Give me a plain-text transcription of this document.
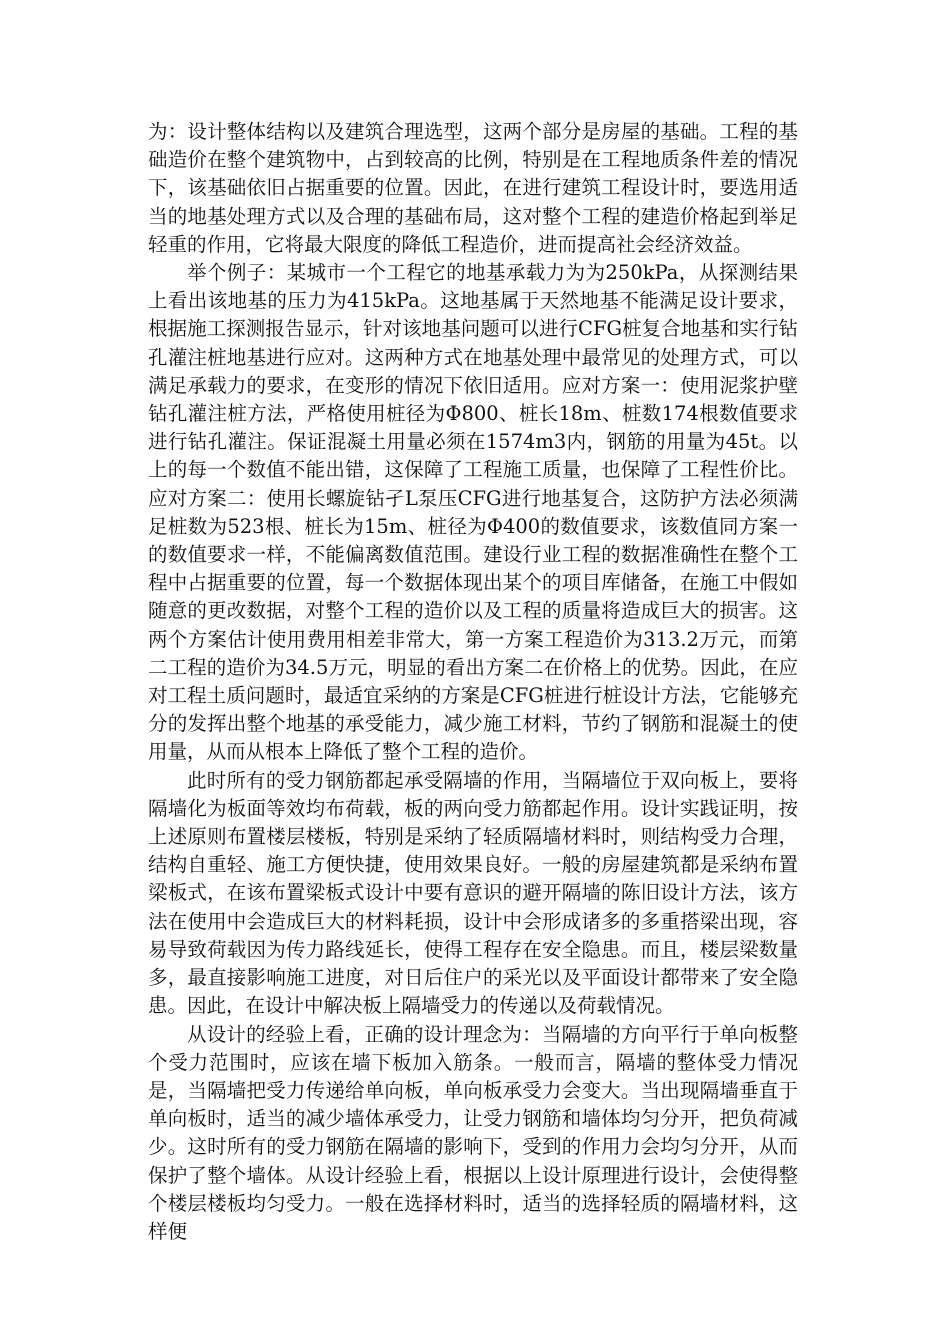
为：设计整体结构以及建筑合理选型，这两个部分是房屋的基础。工程的基础造价在整个建筑物中，占到较高的比例，特别是在工程地质条件差的情况下，该基础依旧占据重要的位置。因此，在进行建筑工程设计时，要选用适当的地基处理方式以及合理的基础布局，这对整个工程的建造价格起到举足轻重的作用，它将最大限度的降低工程造价，进而提高社会经济效益。

举个例子：某城市一个工程它的地基承载力为为250kPa，从探测结果上看出该地基的压力为415kPa。这地基属于天然地基不能满足设计要求，根据施工探测报告显示，针对该地基问题可以进行CFG桩复合地基和实行钻孔灌注桩地基进行应对。这两种方式在地基处理中最常见的处理方式，可以满足承载力的要求，在变形的情况下依旧适用。应对方案一：使用泥浆护壁钻孔灌注桩方法，严格使用桩径为Φ800、桩长18m、桩数174根数值要求进行钻孔灌注。保证混凝土用量必须在1574m3内，钢筋的用量为45t。以上的每一个数值不能出错，这保障了工程施工质量，也保障了工程性价比。应对方案二：使用长螺旋钻孑L泵压CFG进行地基复合，这防护方法必须满足桩数为523根、桩长为15m、桩径为Φ400的数值要求，该数值同方案一的数值要求一样，不能偏离数值范围。建设行业工程的数据准确性在整个工程中占据重要的位置，每一个数据体现出某个的项目库储备，在施工中假如随意的更改数据，对整个工程的造价以及工程的质量将造成巨大的损害。这两个方案估计使用费用相差非常大，第一方案工程造价为313.2万元，而第二工程的造价为34.5万元，明显的看出方案二在价格上的优势。因此，在应对工程土质问题时，最适宜采纳的方案是CFG桩进行桩设计方法，它能够充分的发挥出整个地基的承受能力，减少施工材料，节约了钢筋和混凝土的使用量，从而从根本上降低了整个工程的造价。

此时所有的受力钢筋都起承受隔墙的作用，当隔墙位于双向板上，要将隔墙化为板面等效均布荷载，板的两向受力筋都起作用。设计实践证明，按上述原则布置楼层楼板，特别是采纳了轻质隔墙材料时，则结构受力合理，结构自重轻、施工方便快捷，使用效果良好。一般的房屋建筑都是采纳布置梁板式，在该布置梁板式设计中要有意识的避开隔墙的陈旧设计方法，该方法在使用中会造成巨大的材料耗损，设计中会形成诸多的多重搭梁出现，容易导致荷载因为传力路线延长，使得工程存在安全隐患。而且，楼层梁数量多，最直接影响施工进度，对日后住户的采光以及平面设计都带来了安全隐患。因此，在设计中解决板上隔墙受力的传递以及荷载情况。

从设计的经验上看，正确的设计理念为：当隔墙的方向平行于单向板整个受力范围时，应该在墙下板加入筋条。一般而言，隔墙的整体受力情况是，当隔墙把受力传递给单向板，单向板承受力会变大。当出现隔墙垂直于单向板时，适当的减少墙体承受力，让受力钢筋和墙体均匀分开，把负荷减少。这时所有的受力钢筋在隔墙的影响下，受到的作用力会均匀分开，从而保护了整个墙体。从设计经验上看，根据以上设计原理进行设计，会使得整个楼层楼板均匀受力。一般在选择材料时，适当的选择轻质的隔墙材料，这样便
